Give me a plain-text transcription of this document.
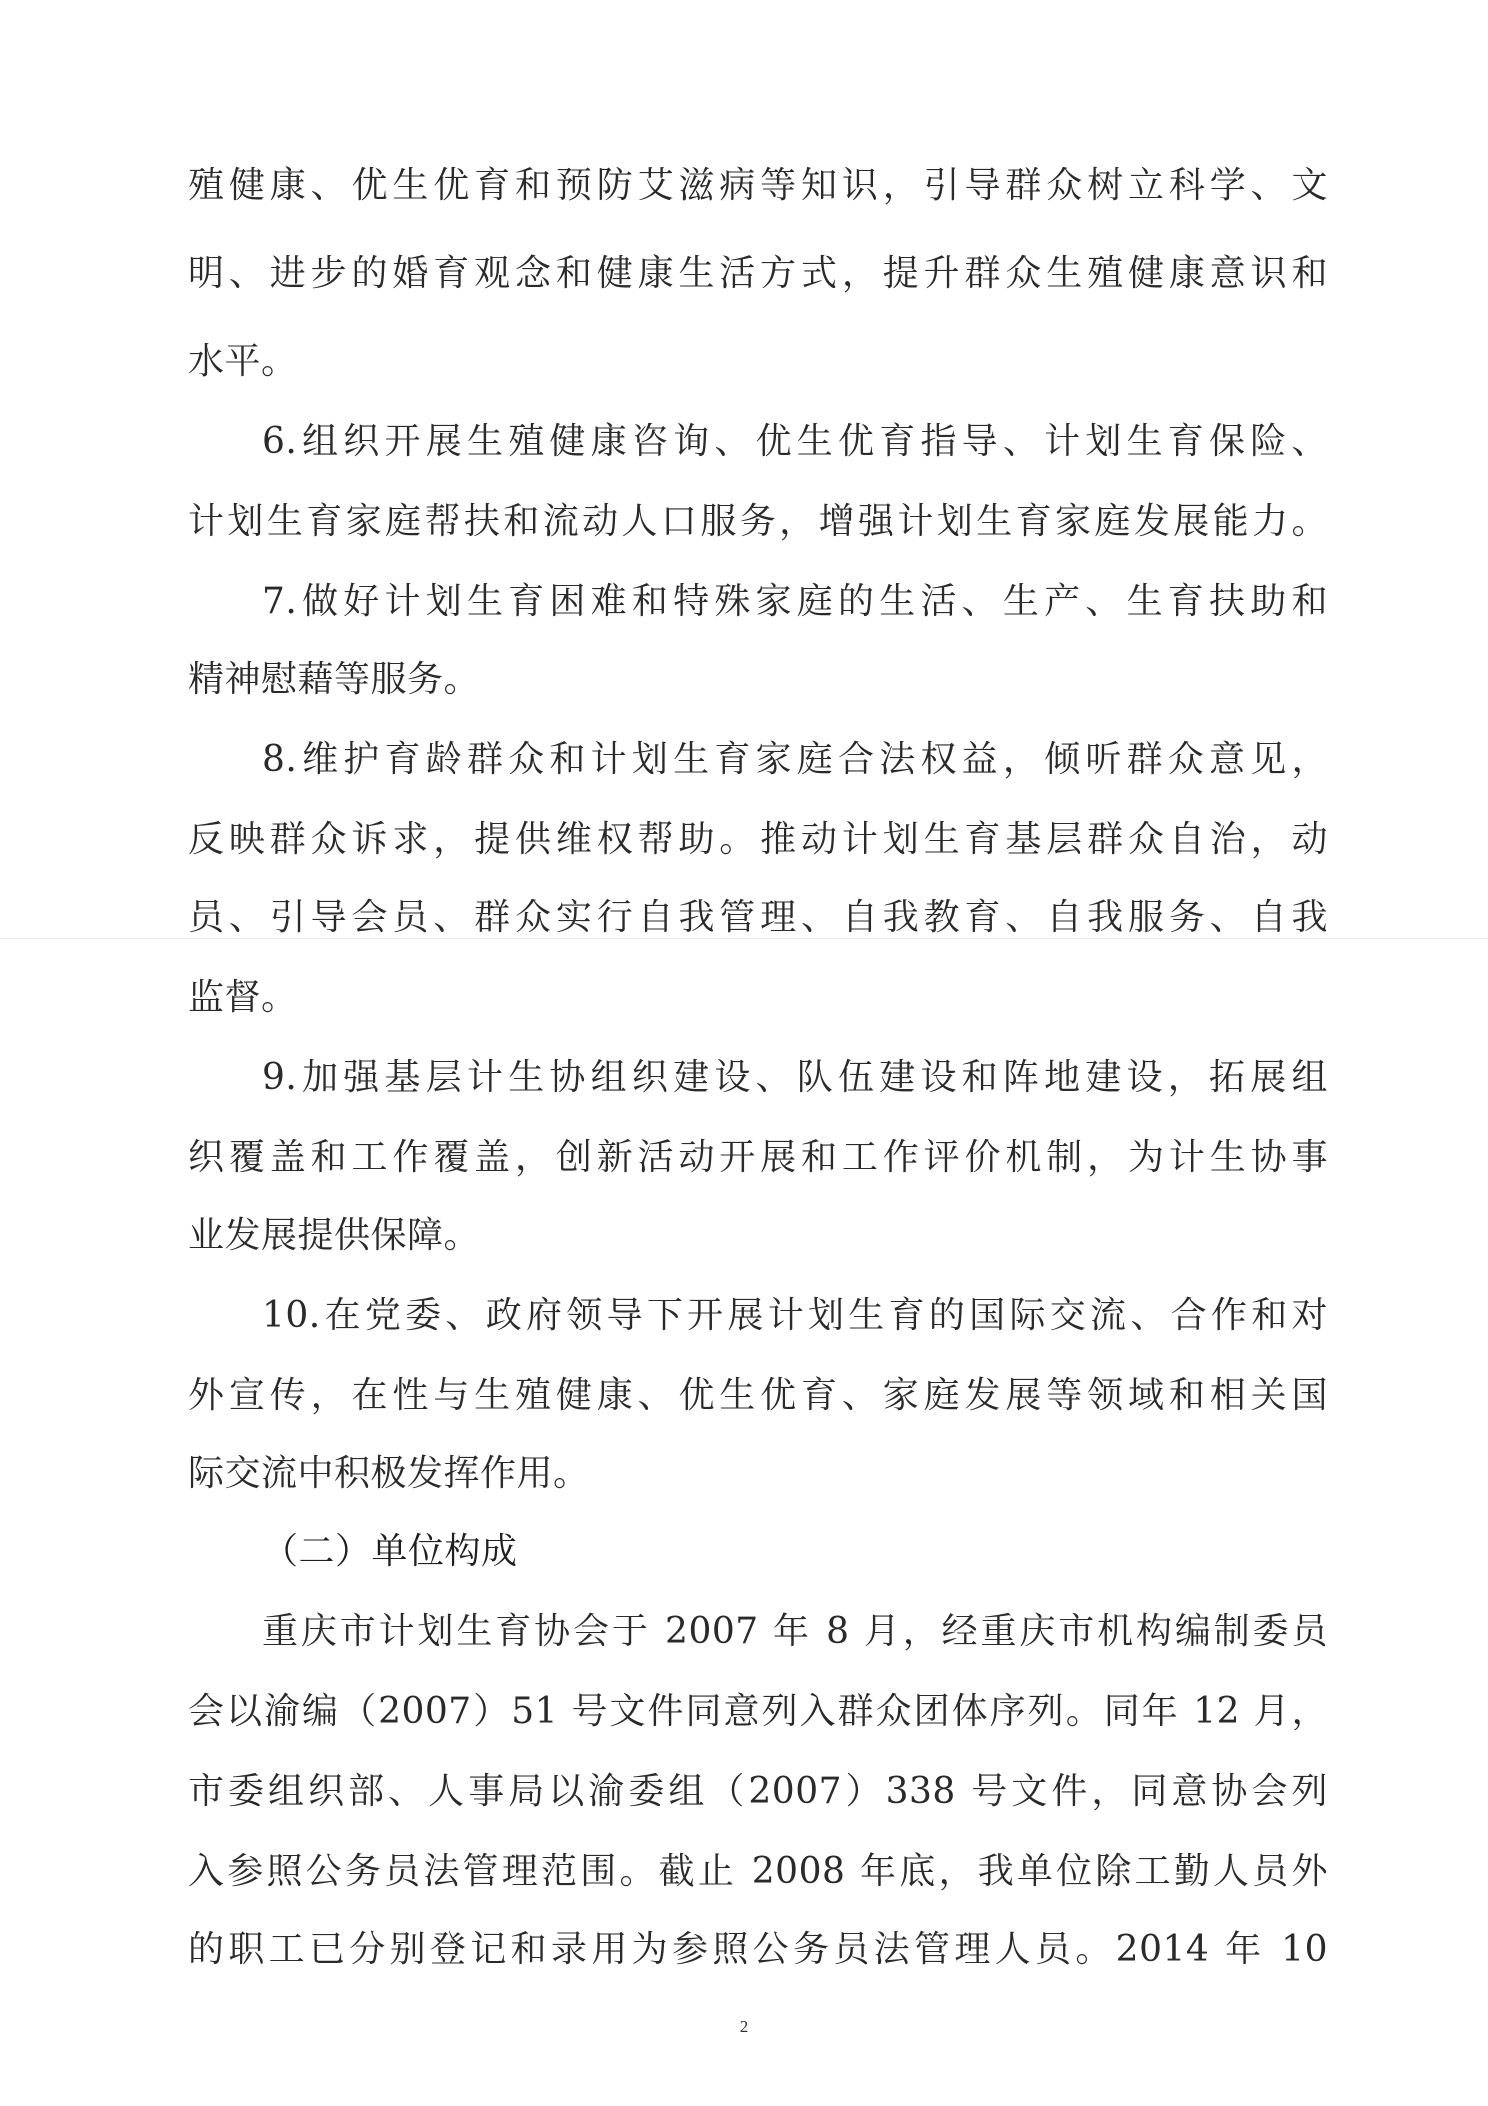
殖健康、优生优育和预防艾滋病等知识，引导群众树立科学、文

明、进步的婚育观念和健康生活方式，提升群众生殖健康意识和

水平。

6.组织开展生殖健康咨询、优生优育指导、计划生育保险、

计划生育家庭帮扶和流动人口服务，增强计划生育家庭发展能力。

7.做好计划生育困难和特殊家庭的生活、生产、生育扶助和

精神慰藉等服务。

8.维护育龄群众和计划生育家庭合法权益，倾听群众意见，

反映群众诉求，提供维权帮助。推动计划生育基层群众自治，动

员、引导会员、群众实行自我管理、自我教育、自我服务、自我

监督。

9.加强基层计生协组织建设、队伍建设和阵地建设，拓展组

织覆盖和工作覆盖，创新活动开展和工作评价机制，为计生协事

业发展提供保障。

10.在党委、政府领导下开展计划生育的国际交流、合作和对

外宣传，在性与生殖健康、优生优育、家庭发展等领域和相关国

际交流中积极发挥作用。

（二）单位构成

重庆市计划生育协会于 2007 年 8 月，经重庆市机构编制委员

会以渝编（2007）51 号文件同意列入群众团体序列。同年 12 月，

市委组织部、人事局以渝委组（2007）338 号文件，同意协会列

入参照公务员法管理范围。截止 2008 年底，我单位除工勤人员外

的职工已分别登记和录用为参照公务员法管理人员。2014 年 10

2
